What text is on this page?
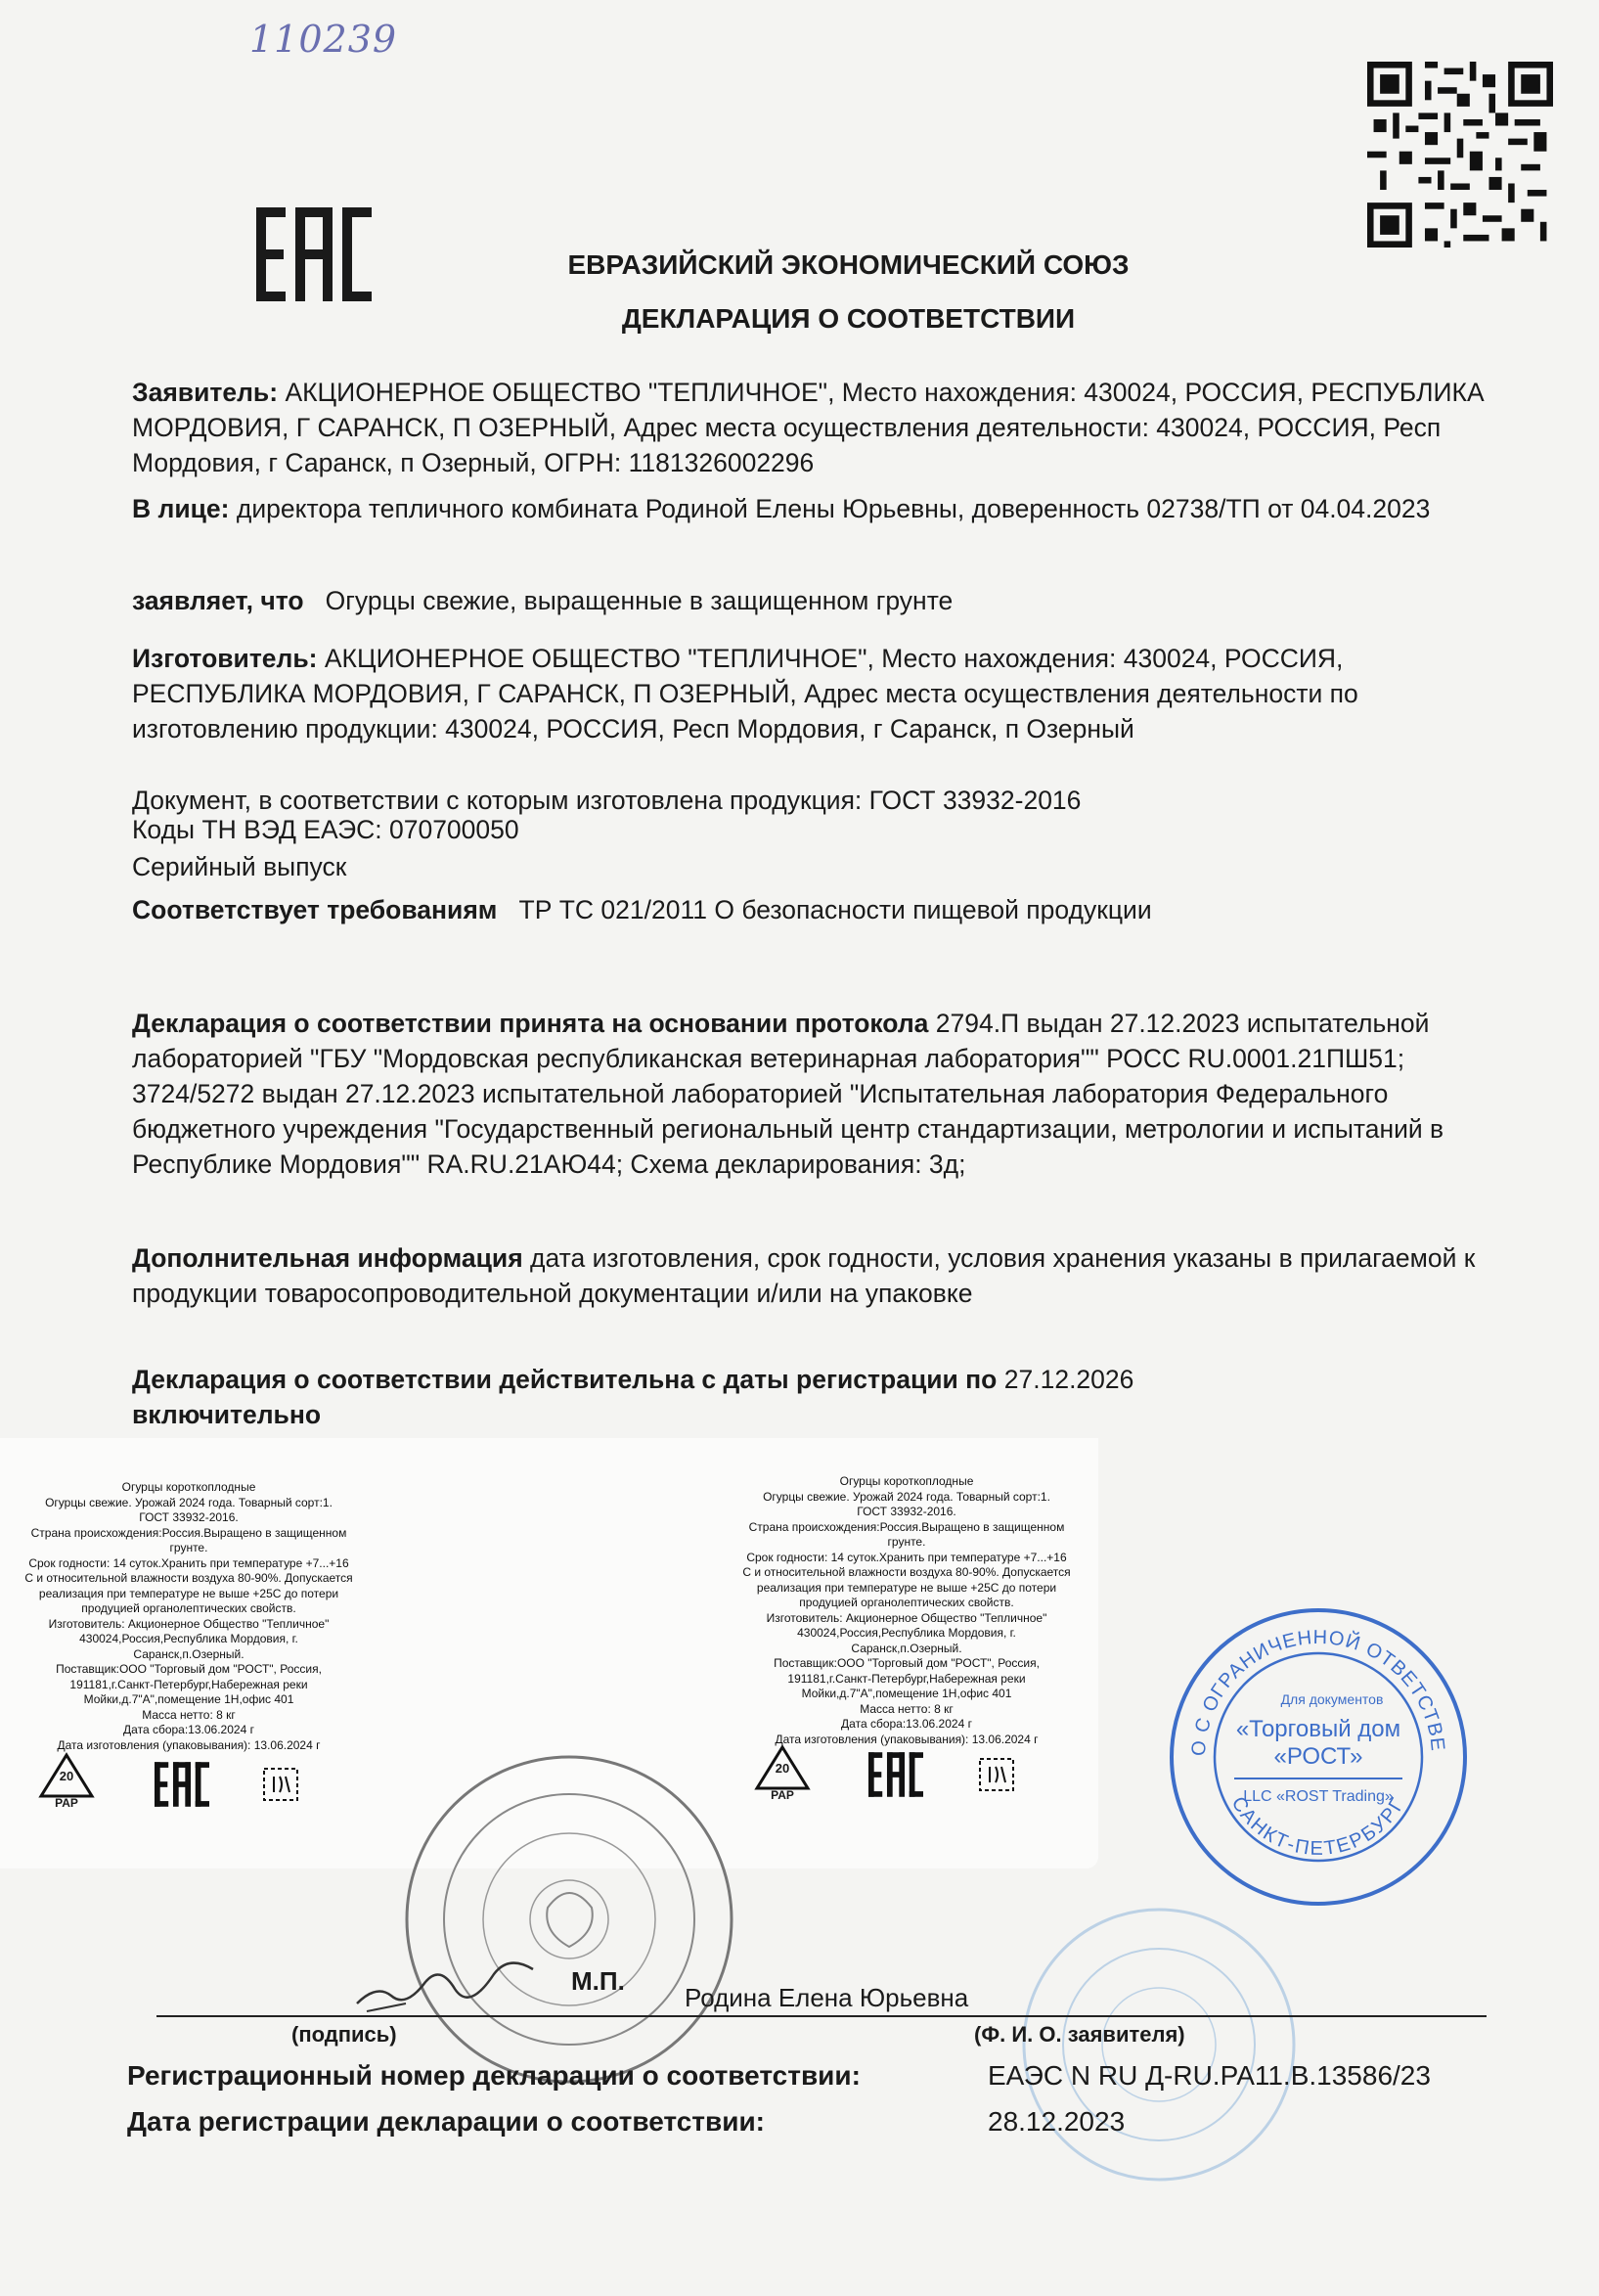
110239
ЕВРАЗИЙСКИЙ ЭКОНОМИЧЕСКИЙ СОЮЗ
ДЕКЛАРАЦИЯ О СООТВЕТСТВИИ
Заявитель: АКЦИОНЕРНОЕ ОБЩЕСТВО "ТЕПЛИЧНОЕ", Место нахождения: 430024, РОССИЯ, РЕСПУБЛИКА МОРДОВИЯ, Г САРАНСК, П ОЗЕРНЫЙ, Адрес места осуществления деятельности: 430024, РОССИЯ, Респ Мордовия, г Саранск, п Озерный, ОГРН: 1181326002296
В лице: директора тепличного комбината Родиной Елены Юрьевны, доверенность 02738/ТП от 04.04.2023
заявляет, что Огурцы свежие, выращенные в защищенном грунте
Изготовитель: АКЦИОНЕРНОЕ ОБЩЕСТВО "ТЕПЛИЧНОЕ", Место нахождения: 430024, РОССИЯ, РЕСПУБЛИКА МОРДОВИЯ, Г САРАНСК, П ОЗЕРНЫЙ, Адрес места осуществления деятельности по изготовлению продукции: 430024, РОССИЯ, Респ Мордовия, г Саранск, п Озерный
Документ, в соответствии с которым изготовлена продукция: ГОСТ 33932-2016
Коды ТН ВЭД ЕАЭС: 070700050
Серийный выпуск
Соответствует требованиям ТР ТС 021/2011 О безопасности пищевой продукции
Декларация о соответствии принята на основании протокола 2794.П выдан 27.12.2023 испытательной лабораторией "ГБУ "Мордовская республиканская ветеринарная лаборатория"" РОСС RU.0001.21ПШ51; 3724/5272 выдан 27.12.2023 испытательной лабораторией "Испытательная лаборатория Федерального бюджетного учреждения "Государственный региональный центр стандартизации, метрологии и испытаний в Республике Мордовия"" RA.RU.21АЮ44; Схема декларирования: 3д;
Дополнительная информация дата изготовления, срок годности, условия хранения указаны в прилагаемой к продукции товаросопроводительной документации и/или на упаковке
Декларация о соответствии действительна с даты регистрации по 27.12.2026
включительно
Огурцы короткоплодные
Огурцы свежие. Урожай 2024 года. Товарный сорт:1.
ГОСТ 33932-2016.
Страна происхождения:Россия.Выращено в защищенном
грунте.
Срок годности: 14 суток.Хранить при температуре +7...+16
С и относительной влажности воздуха 80-90%. Допускается
реализация при температуре не выше +25С до потери
продуцией органолептических свойств.
Изготовитель: Акционерное Общество "Тепличное"
430024,Россия,Республика Мордовия, г.
Саранск,п.Озерный.
Поставщик:ООО "Торговый дом "РОСТ", Россия,
191181,г.Санкт-Петербург,Набережная реки
Мойки,д.7"А",помещение 1Н,офис 401
Масса нетто: 8 кг
Дата сбора:13.06.2024 г
Дата изготовления (упаковывания): 13.06.2024 г
20
PAP
Огурцы короткоплодные
Огурцы свежие. Урожай 2024 года. Товарный сорт:1.
ГОСТ 33932-2016.
Страна происхождения:Россия.Выращено в защищенном
грунте.
Срок годности: 14 суток.Хранить при температуре +7...+16
С и относительной влажности воздуха 80-90%. Допускается
реализация при температуре не выше +25С до потери
продуцией органолептических свойств.
Изготовитель: Акционерное Общество "Тепличное"
430024,Россия,Республика Мордовия, г.
Саранск,п.Озерный.
Поставщик:ООО "Торговый дом "РОСТ", Россия,
191181,г.Санкт-Петербург,Набережная реки
Мойки,д.7"А",помещение 1Н,офис 401
Масса нетто: 8 кг
Дата сбора:13.06.2024 г
Дата изготовления (упаковывания): 13.06.2024 г
20
PAP
О С ОГРАНИЧЕННОЙ ОТВЕТСТВЕ
САНКТ-ПЕТЕРБУРГ
Для документов
«Торговый дом
«РОСТ»
LLC «ROST Trading»
М.П.
Родина Елена Юрьевна
(подпись)	(Ф. И. О. заявителя)
Регистрационный номер декларации о соответствии:	ЕАЭС N RU Д-RU.PA11.B.13586/23
Дата регистрации декларации о соответствии:	28.12.2023
